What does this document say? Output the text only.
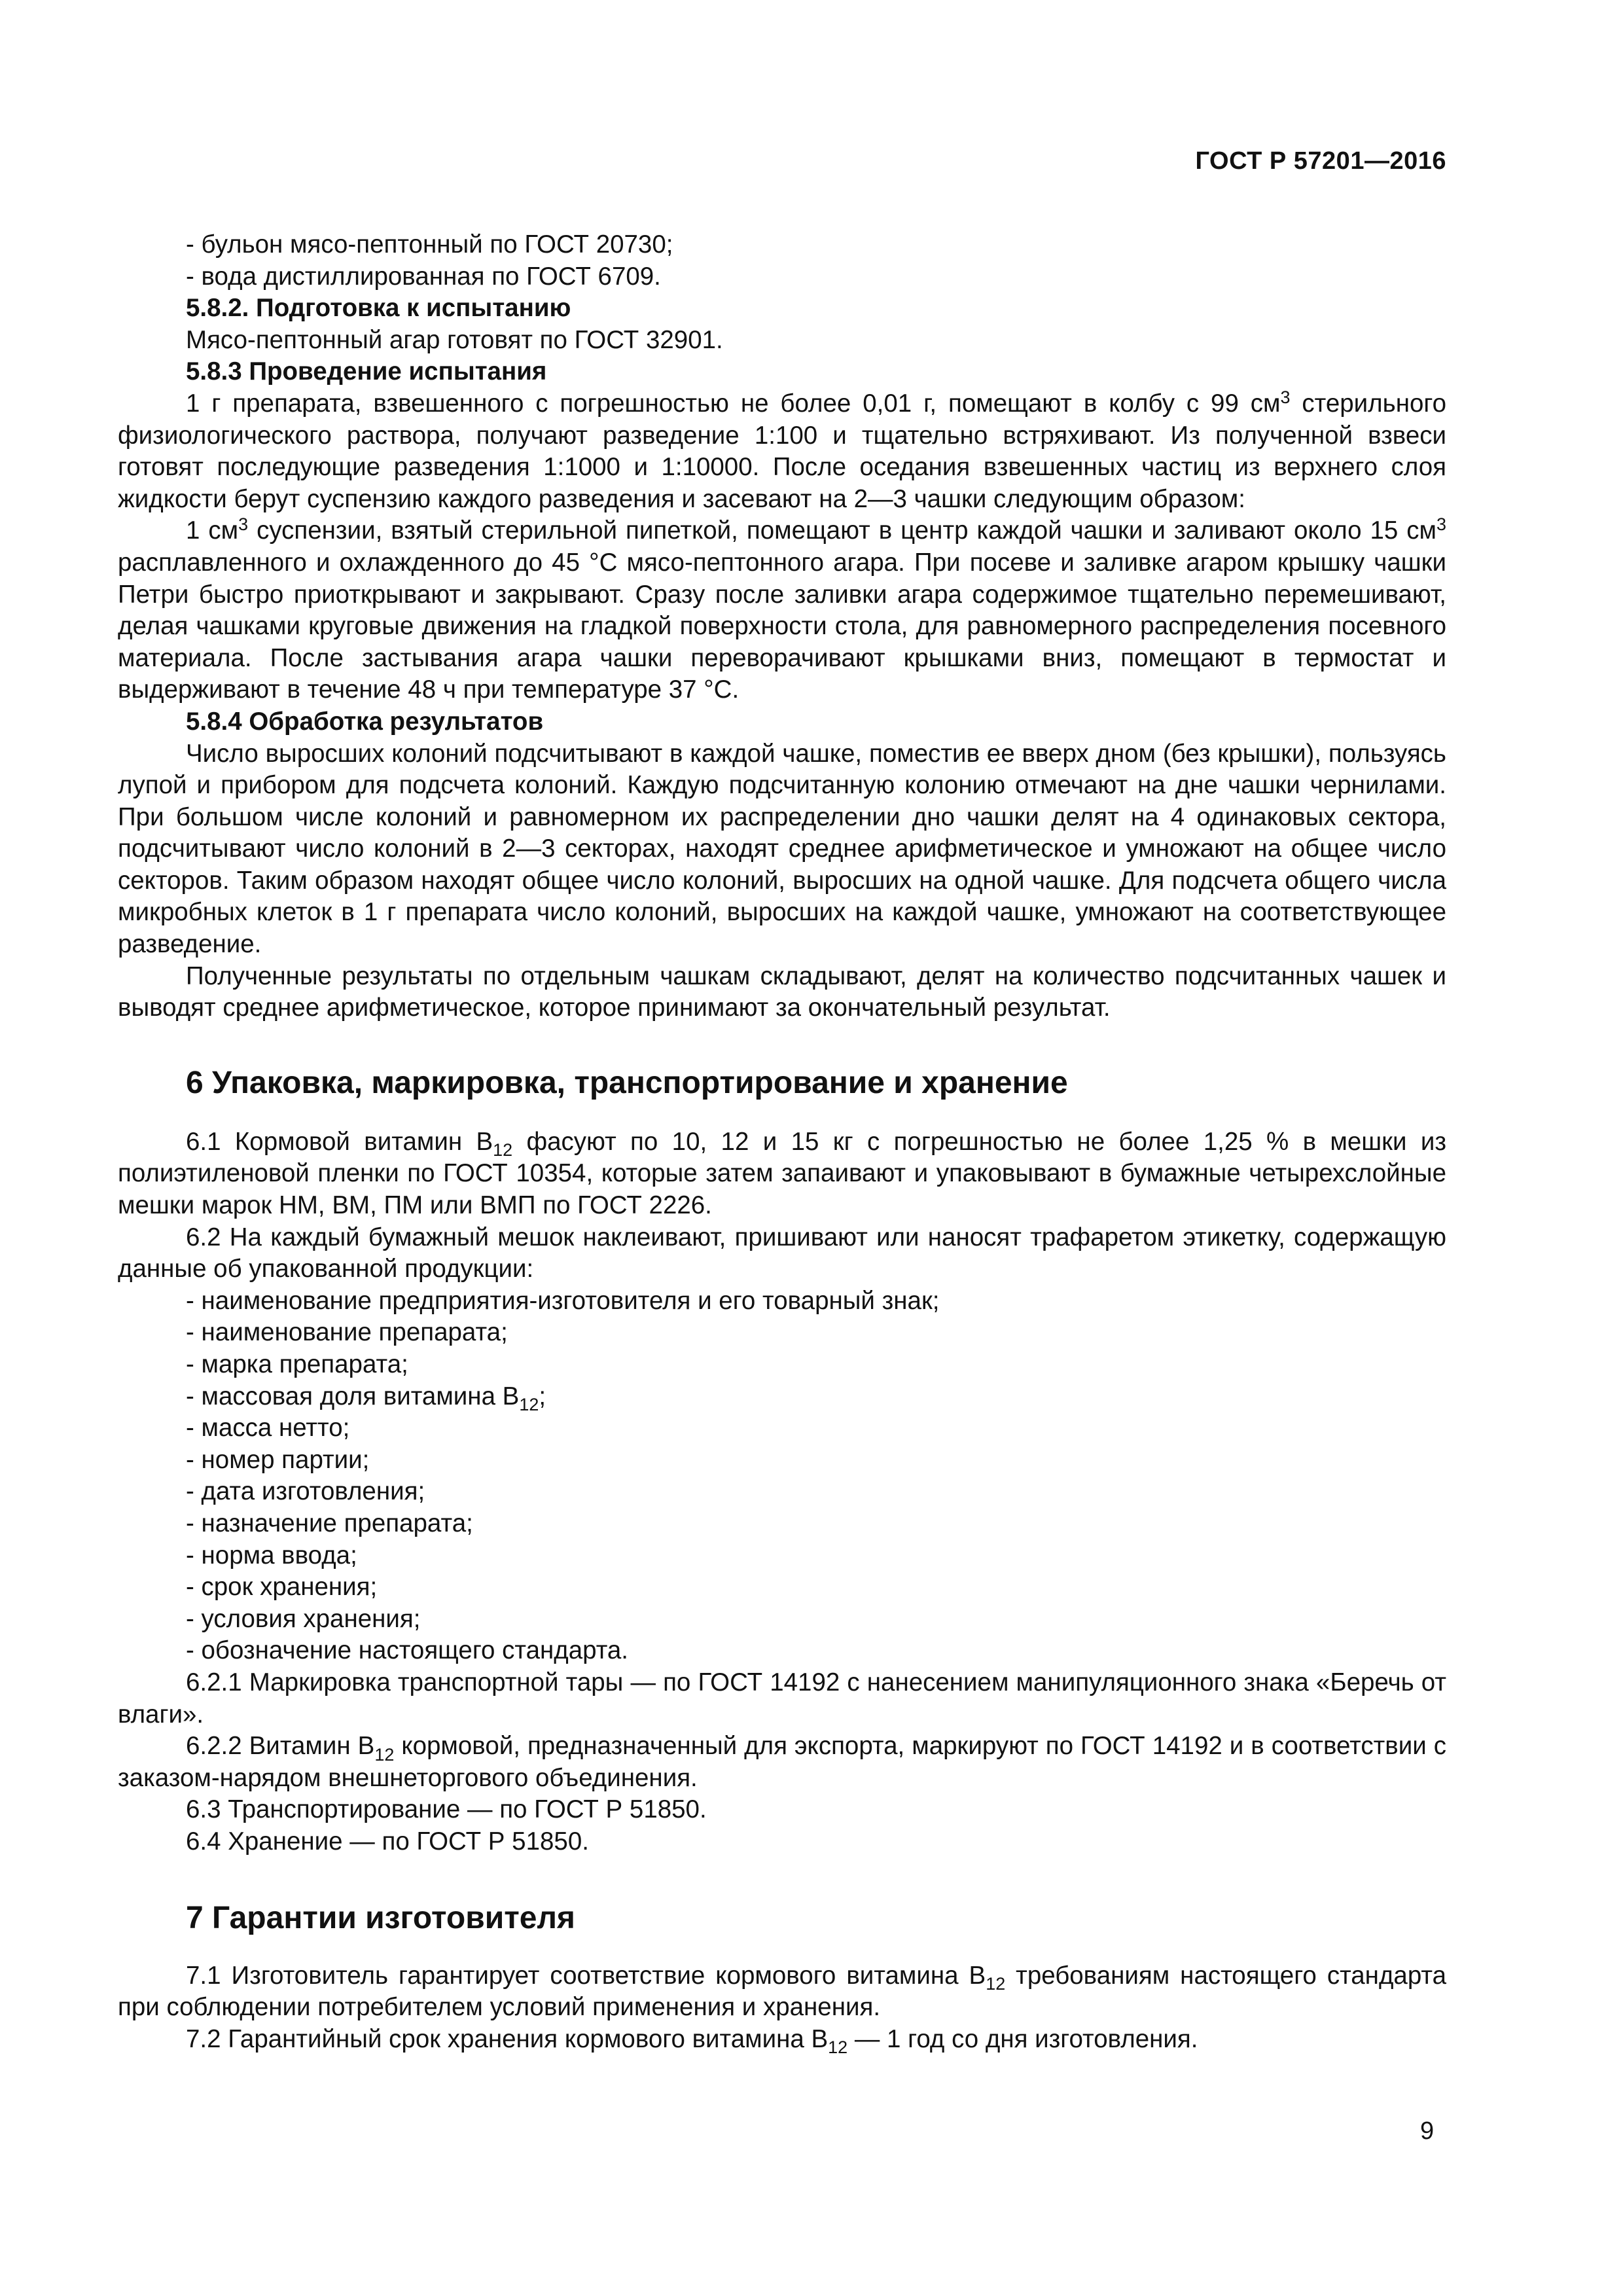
ГОСТ Р 57201—2016

- бульон мясо-пептонный по ГОСТ 20730;

- вода дистиллированная по ГОСТ 6709.

5.8.2. Подготовка к испытанию

Мясо-пептонный агар готовят по ГОСТ 32901.

5.8.3 Проведение испытания

1 г препарата, взвешенного с погрешностью не более 0,01 г, помещают в колбу с 99 $см^3$ стерильного физиологического раствора, получают разведение 1:100 и тщательно встряхивают. Из полученной взвеси готовят последующие разведения 1:1000 и 1:10000. После оседания взвешенных частиц из верхнего слоя жидкости берут суспензию каждого разведения и засевают на 2—3 чашки следующим образом:

1 $см^3$ суспензии, взятый стерильной пипеткой, помещают в центр каждой чашки и заливают около 15 $см^3$ расплавленного и охлажденного до 45 °С мясо-пептонного агара. При посеве и заливке агаром крышку чашки Петри быстро приоткрывают и закрывают. Сразу после заливки агара содержимое тщательно перемешивают, делая чашками круговые движения на гладкой поверхности стола, для равномерного распределения посевного материала. После застывания агара чашки переворачивают крышками вниз, помещают в термостат и выдерживают в течение 48 ч при температуре 37 °С.

5.8.4 Обработка результатов

Число выросших колоний подсчитывают в каждой чашке, поместив ее вверх дном (без крышки), пользуясь лупой и прибором для подсчета колоний. Каждую подсчитанную колонию отмечают на дне чашки чернилами. При большом числе колоний и равномерном их распределении дно чашки делят на 4 одинаковых сектора, подсчитывают число колоний в 2—3 секторах, находят среднее арифметическое и умножают на общее число секторов. Таким образом находят общее число колоний, выросших на одной чашке. Для подсчета общего числа микробных клеток в 1 г препарата число колоний, выросших на каждой чашке, умножают на соответствующее разведение.

Полученные результаты по отдельным чашкам складывают, делят на количество подсчитанных чашек и выводят среднее арифметическое, которое принимают за окончательный результат.

6 Упаковка, маркировка, транспортирование и хранение

6.1 Кормовой витамин $В_{12}$ фасуют по 10, 12 и 15 кг с погрешностью не более 1,25 % в мешки из полиэтиленовой пленки по ГОСТ 10354, которые затем запаивают и упаковывают в бумажные четырехслойные мешки марок НМ, ВМ, ПМ или ВМП по ГОСТ 2226.

6.2 На каждый бумажный мешок наклеивают, пришивают или наносят трафаретом этикетку, содержащую данные об упакованной продукции:

- наименование предприятия-изготовителя и его товарный знак;

- наименование препарата;

- марка препарата;

- массовая доля витамина $В_{12}$;

- масса нетто;

- номер партии;

- дата изготовления;

- назначение препарата;

- норма ввода;

- срок хранения;

- условия хранения;

- обозначение настоящего стандарта.

6.2.1 Маркировка транспортной тары — по ГОСТ 14192 с нанесением манипуляционного знака «Беречь от влаги».

6.2.2 Витамин $В_{12}$ кормовой, предназначенный для экспорта, маркируют по ГОСТ 14192 и в соответствии с заказом-нарядом внешнеторгового объединения.

6.3 Транспортирование — по ГОСТ Р 51850.

6.4 Хранение — по ГОСТ Р 51850.

7 Гарантии изготовителя

7.1 Изготовитель гарантирует соответствие кормового витамина $В_{12}$ требованиям настоящего стандарта при соблюдении потребителем условий применения и хранения.

7.2 Гарантийный срок хранения кормового витамина $В_{12}$ — 1 год со дня изготовления.

9
